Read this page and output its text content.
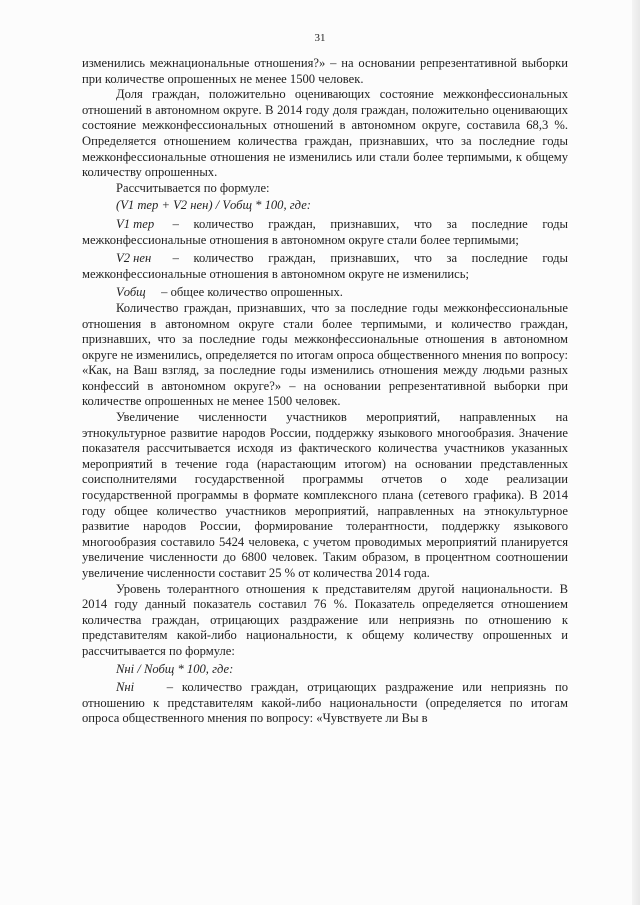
31

изменились межнациональные отношения?» – на основании репрезентативной выборки при количестве опрошенных не менее 1500 человек.

Доля граждан, положительно оценивающих состояние межконфессиональных отношений в автономном округе. В 2014 году доля граждан, положительно оценивающих состояние межконфессиональных отношений в автономном округе, составила 68,3 %. Определяется отношением количества граждан, признавших, что за последние годы межконфессиональные отношения не изменились или стали более терпимыми, к общему количеству опрошенных.

Рассчитывается по формуле:

(V1 тер + V2 нен) / Vобщ * 100, где:

V1 тер – количество граждан, признавших, что за последние годы межконфессиональные отношения в автономном округе стали более терпимыми;

V2 нен – количество граждан, признавших, что за последние годы межконфессиональные отношения в автономном округе не изменились;

Vобщ – общее количество опрошенных.

Количество граждан, признавших, что за последние годы межконфессиональные отношения в автономном округе стали более терпимыми, и количество граждан, признавших, что за последние годы межконфессиональные отношения в автономном округе не изменились, определяется по итогам опроса общественного мнения по вопросу: «Как, на Ваш взгляд, за последние годы изменились отношения между людьми разных конфессий в автономном округе?» – на основании репрезентативной выборки при количестве опрошенных не менее 1500 человек.

Увеличение численности участников мероприятий, направленных на этнокультурное развитие народов России, поддержку языкового многообразия. Значение показателя рассчитывается исходя из фактического количества участников указанных мероприятий в течение года (нарастающим итогом) на основании представленных соисполнителями государственной программы отчетов о ходе реализации государственной программы в формате комплексного плана (сетевого графика). В 2014 году общее количество участников мероприятий, направленных на этнокультурное развитие народов России, формирование толерантности, поддержку языкового многообразия составило 5424 человека, с учетом проводимых мероприятий планируется увеличение численности до 6800 человек. Таким образом, в процентном соотношении увеличение численности составит 25 % от количества 2014 года.

Уровень толерантного отношения к представителям другой национальности. В 2014 году данный показатель составил 76 %. Показатель определяется отношением количества граждан, отрицающих раздражение или неприязнь по отношению к представителям какой-либо национальности, к общему количеству опрошенных и рассчитывается по формуле:

Nні / Nобщ * 100, где:

Nні	– количество граждан, отрицающих раздражение или неприязнь по отношению к представителям какой-либо национальности (определяется по итогам опроса общественного мнения по вопросу: «Чувствуете ли Вы в
